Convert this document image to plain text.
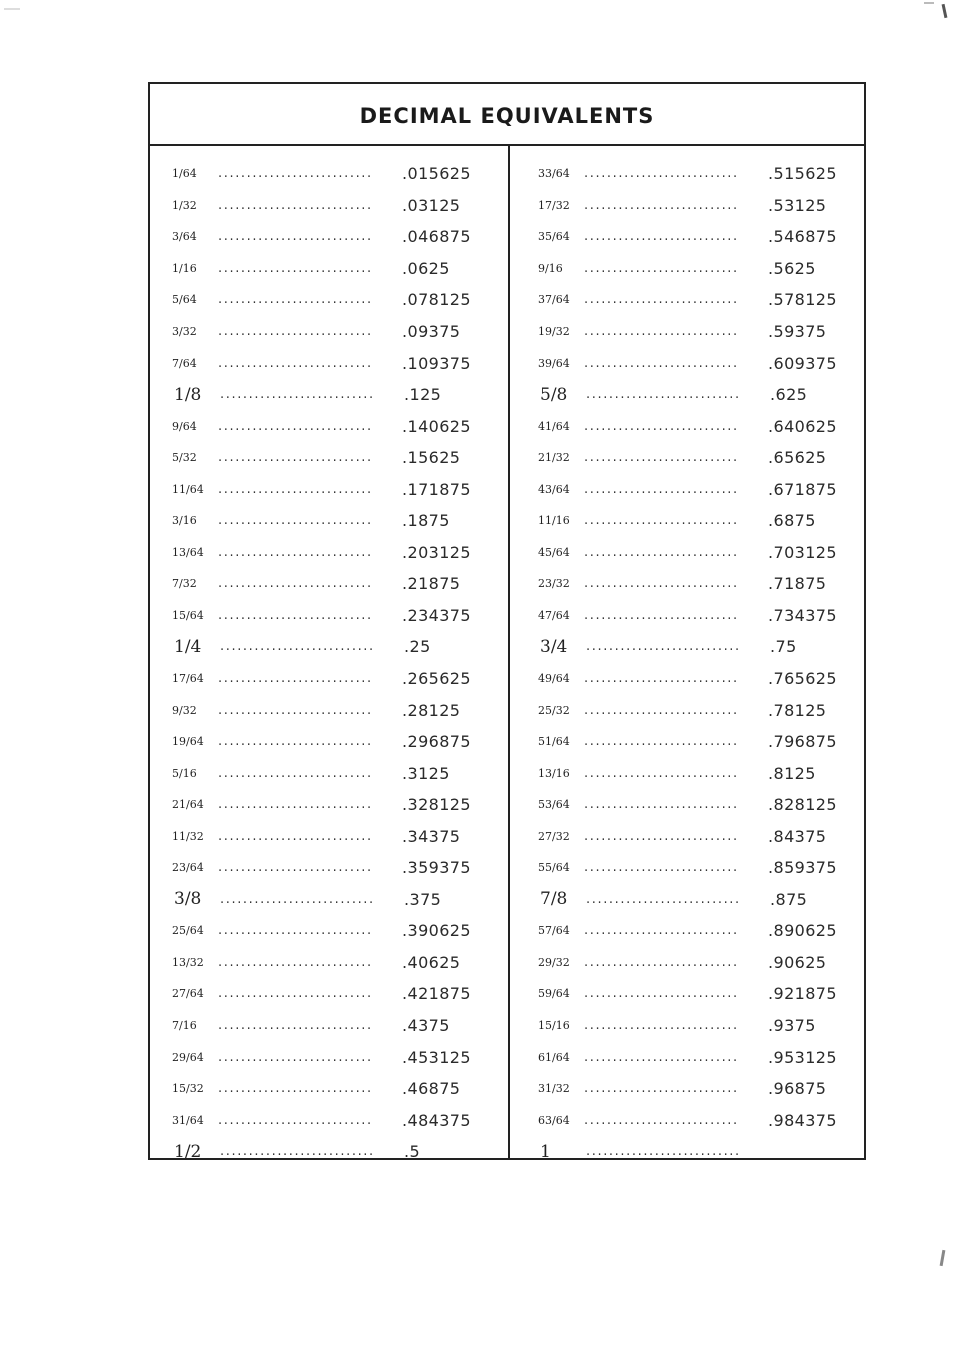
DECIMAL EQUIVALENTS
1/64	...........................	.015625
1/32	...........................	.03125
3/64	...........................	.046875
1/16	...........................	.0625
5/64	...........................	.078125
3/32	...........................	.09375
7/64	...........................	.109375
1/8	...........................	.125
9/64	...........................	.140625
5/32	...........................	.15625
11/64	...........................	.171875
3/16	...........................	.1875
13/64	...........................	.203125
7/32	...........................	.21875
15/64	...........................	.234375
1/4	...........................	.25
17/64	...........................	.265625
9/32	...........................	.28125
19/64	...........................	.296875
5/16	...........................	.3125
21/64	...........................	.328125
11/32	...........................	.34375
23/64	...........................	.359375
3/8	...........................	.375
25/64	...........................	.390625
13/32	...........................	.40625
27/64	...........................	.421875
7/16	...........................	.4375
29/64	...........................	.453125
15/32	...........................	.46875
31/64	...........................	.484375
1/2	...........................	.5
33/64	...........................	.515625
17/32	...........................	.53125
35/64	...........................	.546875
9/16	...........................	.5625
37/64	...........................	.578125
19/32	...........................	.59375
39/64	...........................	.609375
5/8	...........................	.625
41/64	...........................	.640625
21/32	...........................	.65625
43/64	...........................	.671875
11/16	...........................	.6875
45/64	...........................	.703125
23/32	...........................	.71875
47/64	...........................	.734375
3/4	...........................	.75
49/64	...........................	.765625
25/32	...........................	.78125
51/64	...........................	.796875
13/16	...........................	.8125
53/64	...........................	.828125
27/32	...........................	.84375
55/64	...........................	.859375
7/8	...........................	.875
57/64	...........................	.890625
29/32	...........................	.90625
59/64	...........................	.921875
15/16	...........................	.9375
61/64	...........................	.953125
31/32	...........................	.96875
63/64	...........................	.984375
1	...........................
